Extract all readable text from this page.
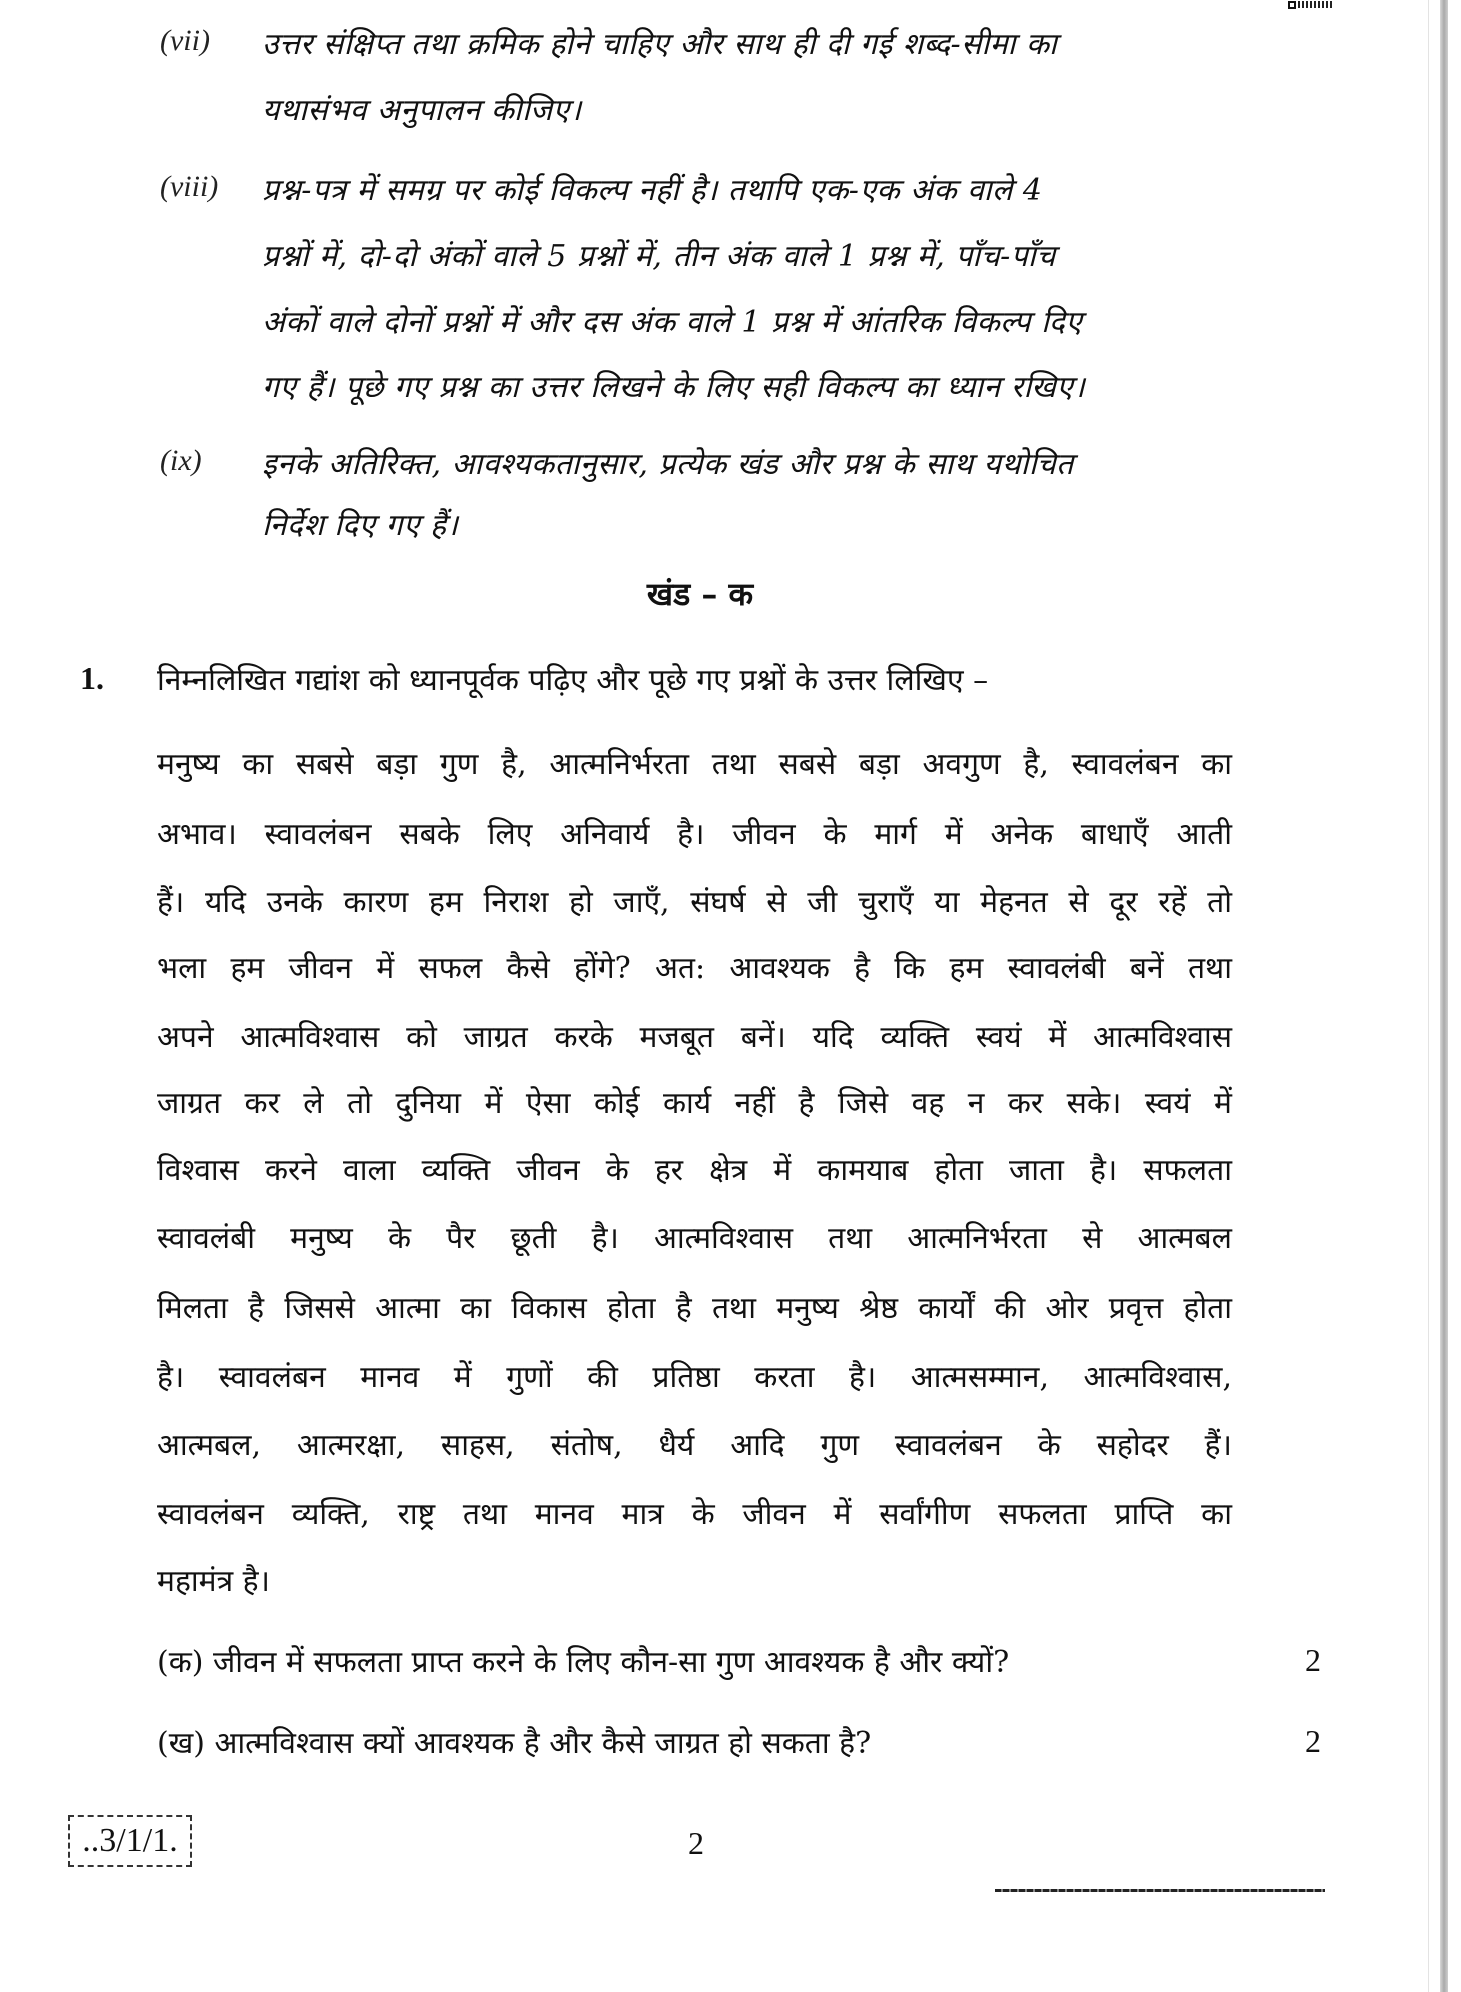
(vii) उत्तर संक्षिप्त तथा क्रमिक होने चाहिए और साथ ही दी गई शब्द-सीमा का
यथासंभव अनुपालन कीजिए।
(viii) प्रश्न-पत्र में समग्र पर कोई विकल्प नहीं है। तथापि एक-एक अंक वाले 4
प्रश्नों में, दो-दो अंकों वाले 5 प्रश्नों में, तीन अंक वाले 1 प्रश्न में, पाँच-पाँच
अंकों वाले दोनों प्रश्नों में और दस अंक वाले 1 प्रश्न में आंतरिक विकल्प दिए
गए हैं। पूछे गए प्रश्न का उत्तर लिखने के लिए सही विकल्प का ध्यान रखिए।
(ix) इनके अतिरिक्त, आवश्यकतानुसार, प्रत्येक खंड और प्रश्न के साथ यथोचित
निर्देश दिए गए हैं।
खंड – क
1. निम्नलिखित गद्यांश को ध्यानपूर्वक पढ़िए और पूछे गए प्रश्नों के उत्तर लिखिए –
मनुष्य का सबसे बड़ा गुण है, आत्मनिर्भरता तथा सबसे बड़ा अवगुण है, स्वावलंबन का
अभाव। स्वावलंबन सबके लिए अनिवार्य है। जीवन के मार्ग में अनेक बाधाएँ आती
हैं। यदि उनके कारण हम निराश हो जाएँ, संघर्ष से जी चुराएँ या मेहनत से दूर रहें तो
भला हम जीवन में सफल कैसे होंगे? अत: आवश्यक है कि हम स्वावलंबी बनें तथा
अपने आत्मविश्वास को जाग्रत करके मजबूत बनें। यदि व्यक्ति स्वयं में आत्मविश्वास
जाग्रत कर ले तो दुनिया में ऐसा कोई कार्य नहीं है जिसे वह न कर सके। स्वयं में
विश्वास करने वाला व्यक्ति जीवन के हर क्षेत्र में कामयाब होता जाता है। सफलता
स्वावलंबी मनुष्य के पैर छूती है। आत्मविश्वास तथा आत्मनिर्भरता से आत्मबल
मिलता है जिससे आत्मा का विकास होता है तथा मनुष्य श्रेष्ठ कार्यों की ओर प्रवृत्त होता
है। स्वावलंबन मानव में गुणों की प्रतिष्ठा करता है। आत्मसम्मान, आत्मविश्वास,
आत्मबल, आत्मरक्षा, साहस, संतोष, धैर्य आदि गुण स्वावलंबन के सहोदर हैं।
स्वावलंबन व्यक्ति, राष्ट्र तथा मानव मात्र के जीवन में सर्वांगीण सफलता प्राप्ति का
महामंत्र है।
(क) जीवन में सफलता प्राप्त करने के लिए कौन-सा गुण आवश्यक है और क्यों?	2
(ख) आत्मविश्वास क्यों आवश्यक है और कैसे जाग्रत हो सकता है?	2
..3/1/1.	2
